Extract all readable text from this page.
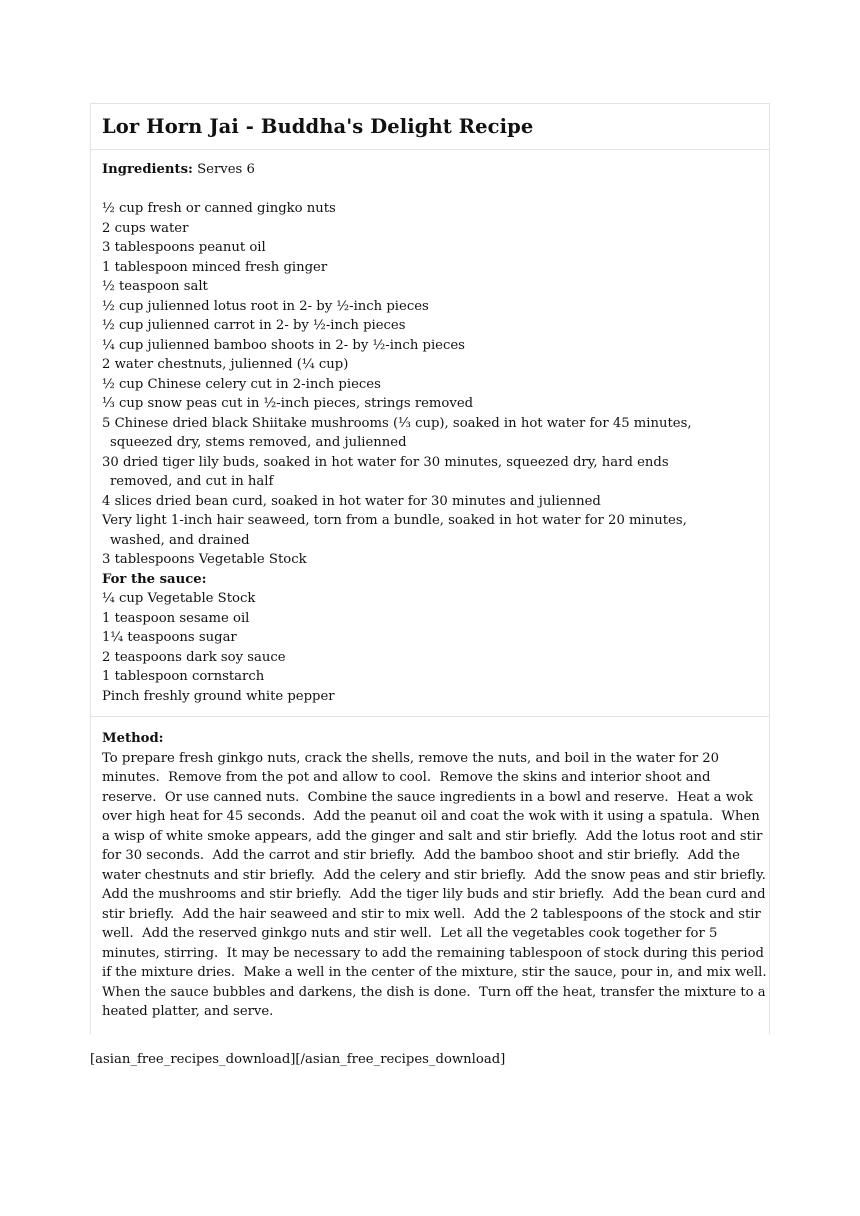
Lor Horn Jai - Buddha's Delight Recipe

Ingredients: Serves 6

½ cup fresh or canned gingko nuts
2 cups water
3 tablespoons peanut oil
1 tablespoon minced fresh ginger
½ teaspoon salt
½ cup julienned lotus root in 2- by ½-inch pieces
½ cup julienned carrot in 2- by ½-inch pieces
¼ cup julienned bamboo shoots in 2- by ½-inch pieces
2 water chestnuts, julienned (¼ cup)
½ cup Chinese celery cut in 2-inch pieces
⅓ cup snow peas cut in ½-inch pieces, strings removed
5 Chinese dried black Shiitake mushrooms (⅓ cup), soaked in hot water for 45 minutes,
squeezed dry, stems removed, and julienned
30 dried tiger lily buds, soaked in hot water for 30 minutes, squeezed dry, hard ends
removed, and cut in half
4 slices dried bean curd, soaked in hot water for 30 minutes and julienned
Very light 1-inch hair seaweed, torn from a bundle, soaked in hot water for 20 minutes,
washed, and drained
3 tablespoons Vegetable Stock
For the sauce:
¼ cup Vegetable Stock
1 teaspoon sesame oil
1¼ teaspoons sugar
2 teaspoons dark soy sauce
1 tablespoon cornstarch
Pinch freshly ground white pepper
Method:

To prepare fresh ginkgo nuts, crack the shells, remove the nuts, and boil in the water for 20

minutes.  Remove from the pot and allow to cool.  Remove the skins and interior shoot and

reserve.  Or use canned nuts.  Combine the sauce ingredients in a bowl and reserve.  Heat a wok

over high heat for 45 seconds.  Add the peanut oil and coat the wok with it using a spatula.  When

a wisp of white smoke appears, add the ginger and salt and stir briefly.  Add the lotus root and stir

for 30 seconds.  Add the carrot and stir briefly.  Add the bamboo shoot and stir briefly.  Add the

water chestnuts and stir briefly.  Add the celery and stir briefly.  Add the snow peas and stir briefly.

Add the mushrooms and stir briefly.  Add the tiger lily buds and stir briefly.  Add the bean curd and

stir briefly.  Add the hair seaweed and stir to mix well.  Add the 2 tablespoons of the stock and stir

well.  Add the reserved ginkgo nuts and stir well.  Let all the vegetables cook together for 5

minutes, stirring.  It may be necessary to add the remaining tablespoon of stock during this period

if the mixture dries.  Make a well in the center of the mixture, stir the sauce, pour in, and mix well.

When the sauce bubbles and darkens, the dish is done.  Turn off the heat, transfer the mixture to a

heated platter, and serve.

[asian_free_recipes_download][/asian_free_recipes_download]
